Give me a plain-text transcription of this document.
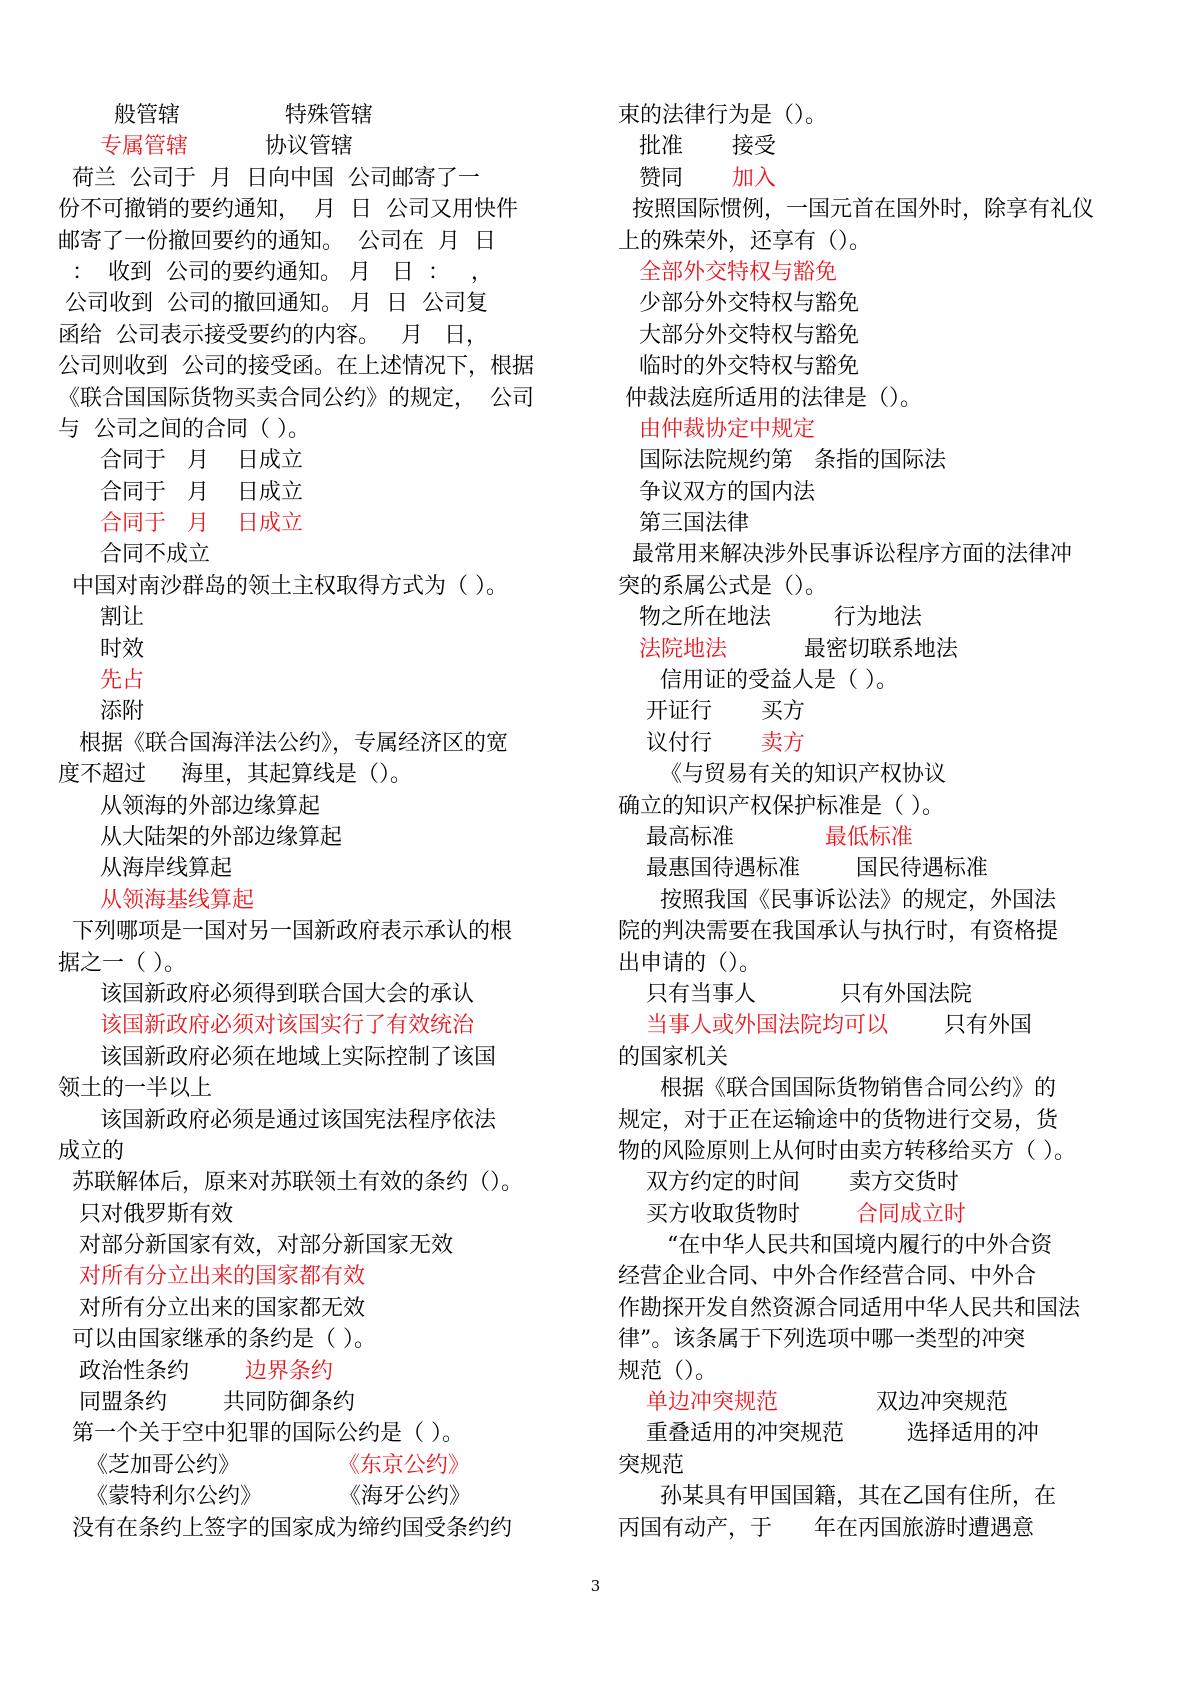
般管辖               特殊管辖
专属管辖           协议管辖
荷兰  公司于  月  日向中国  公司邮寄了一
份不可撤销的要约通知，  月  日  公司又用快件
邮寄了一份撤回要约的通知。  公司在  月  日
：  收到  公司的要约通知。 月   日  ：   ，
公司收到  公司的撤回通知。 月  日  公司复
函给  公司表示接受要约的内容。   月   日，
公司则收到  公司的接受函。在上述情况下，根据
《联合国国际货物买卖合同公约》的规定，  公司
与  公司之间的合同（ ）。
合同于   月    日成立
合同于   月    日成立
合同于   月    日成立
合同不成立
中国对南沙群岛的领土主权取得方式为（ ）。
割让
时效
先占
添附
根据《联合国海洋法公约》，专属经济区的宽
度不超过     海里，其起算线是（）。
从领海的外部边缘算起
从大陆架的外部边缘算起
从海岸线算起
从领海基线算起
下列哪项是一国对另一国新政府表示承认的根
据之一（ ）。
该国新政府必须得到联合国大会的承认
该国新政府必须对该国实行了有效统治
该国新政府必须在地域上实际控制了该国
领土的一半以上
该国新政府必须是通过该国宪法程序依法
成立的
苏联解体后，原来对苏联领土有效的条约（）。
只对俄罗斯有效
对部分新国家有效，对部分新国家无效
对所有分立出来的国家都有效
对所有分立出来的国家都无效
可以由国家继承的条约是（ ）。
政治性条约        边界条约
同盟条约        共同防御条约
第一个关于空中犯罪的国际公约是（ ）。
《芝加哥公约》              《东京公约》
《蒙特利尔公约》           《海牙公约》
没有在条约上签字的国家成为缔约国受条约约
束的法律行为是（）。
批准       接受
赞同       加入
按照国际惯例，一国元首在国外时，除享有礼仪
上的殊荣外，还享有（）。
全部外交特权与豁免
少部分外交特权与豁免
大部分外交特权与豁免
临时的外交特权与豁免
仲裁法庭所适用的法律是（）。
由仲裁协定中规定
国际法院规约第   条指的国际法
争议双方的国内法
第三国法律
最常用来解决涉外民事诉讼程序方面的法律冲
突的系属公式是（）。
物之所在地法         行为地法
法院地法           最密切联系地法
信用证的受益人是（ ）。
开证行       买方
议付行       卖方
《与贸易有关的知识产权协议
确立的知识产权保护标准是（ ）。
最高标准             最低标准
最惠国待遇标准        国民待遇标准
按照我国《民事诉讼法》的规定，外国法
院的判决需要在我国承认与执行时，有资格提
出申请的（）。
只有当事人            只有外国法院
当事人或外国法院均可以        只有外国
的国家机关
根据《联合国国际货物销售合同公约》的
规定，对于正在运输途中的货物进行交易，货
物的风险原则上从何时由卖方转移给买方（ ）。
双方约定的时间       卖方交货时
买方收取货物时        合同成立时
“在中华人民共和国境内履行的中外合资
经营企业合同、中外合作经营合同、中外合
作勘探开发自然资源合同适用中华人民共和国法
律”。该条属于下列选项中哪一类型的冲突
规范（）。
单边冲突规范              双边冲突规范
重叠适用的冲突规范         选择适用的冲
突规范
孙某具有甲国国籍，其在乙国有住所，在
丙国有动产，于      年在丙国旅游时遭遇意
3
